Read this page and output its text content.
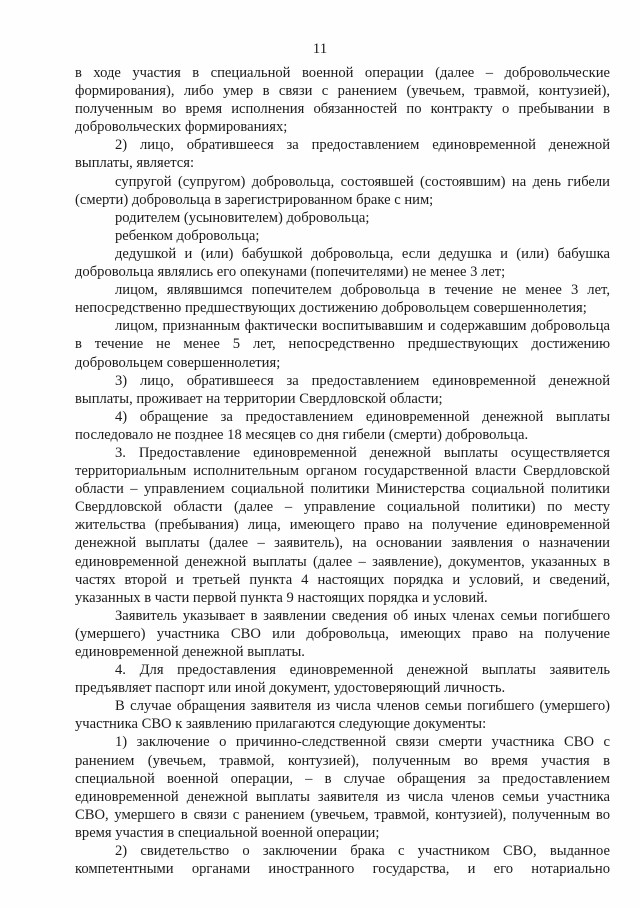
11

в ходе участия в специальной военной операции (далее – добровольческие формирования), либо умер в связи с ранением (увечьем, травмой, контузией), полученным во время исполнения обязанностей по контракту о пребывании в добровольческих формированиях;

2) лицо, обратившееся за предоставлением единовременной денежной выплаты, является:

супругой (супругом) добровольца, состоявшей (состоявшим) на день гибели (смерти) добровольца в зарегистрированном браке с ним;

родителем (усыновителем) добровольца;

ребенком добровольца;

дедушкой и (или) бабушкой добровольца, если дедушка и (или) бабушка добровольца являлись его опекунами (попечителями) не менее 3 лет;

лицом, являвшимся попечителем добровольца в течение не менее 3 лет, непосредственно предшествующих достижению добровольцем совершеннолетия;

лицом, признанным фактически воспитывавшим и содержавшим добровольца в течение не менее 5 лет, непосредственно предшествующих достижению добровольцем совершеннолетия;

3) лицо, обратившееся за предоставлением единовременной денежной выплаты, проживает на территории Свердловской области;

4) обращение за предоставлением единовременной денежной выплаты последовало не позднее 18 месяцев со дня гибели (смерти) добровольца.

3. Предоставление единовременной денежной выплаты осуществляется территориальным исполнительным органом государственной власти Свердловской области – управлением социальной политики Министерства социальной политики Свердловской области (далее – управление социальной политики) по месту жительства (пребывания) лица, имеющего право на получение единовременной денежной выплаты (далее – заявитель), на основании заявления о назначении единовременной денежной выплаты (далее – заявление), документов, указанных в частях второй и третьей пункта 4 настоящих порядка и условий, и сведений, указанных в части первой пункта 9 настоящих порядка и условий.

Заявитель указывает в заявлении сведения об иных членах семьи погибшего (умершего) участника СВО или добровольца, имеющих право на получение единовременной денежной выплаты.

4. Для предоставления единовременной денежной выплаты заявитель предъявляет паспорт или иной документ, удостоверяющий личность.

В случае обращения заявителя из числа членов семьи погибшего (умершего) участника СВО к заявлению прилагаются следующие документы:

1) заключение о причинно-следственной связи смерти участника СВО с ранением (увечьем, травмой, контузией), полученным во время участия в специальной военной операции, – в случае обращения за предоставлением единовременной денежной выплаты заявителя из числа членов семьи участника СВО, умершего в связи с ранением (увечьем, травмой, контузией), полученным во время участия в специальной военной операции;

2) свидетельство о заключении брака с участником СВО, выданное компетентными органами иностранного государства, и его нотариально
